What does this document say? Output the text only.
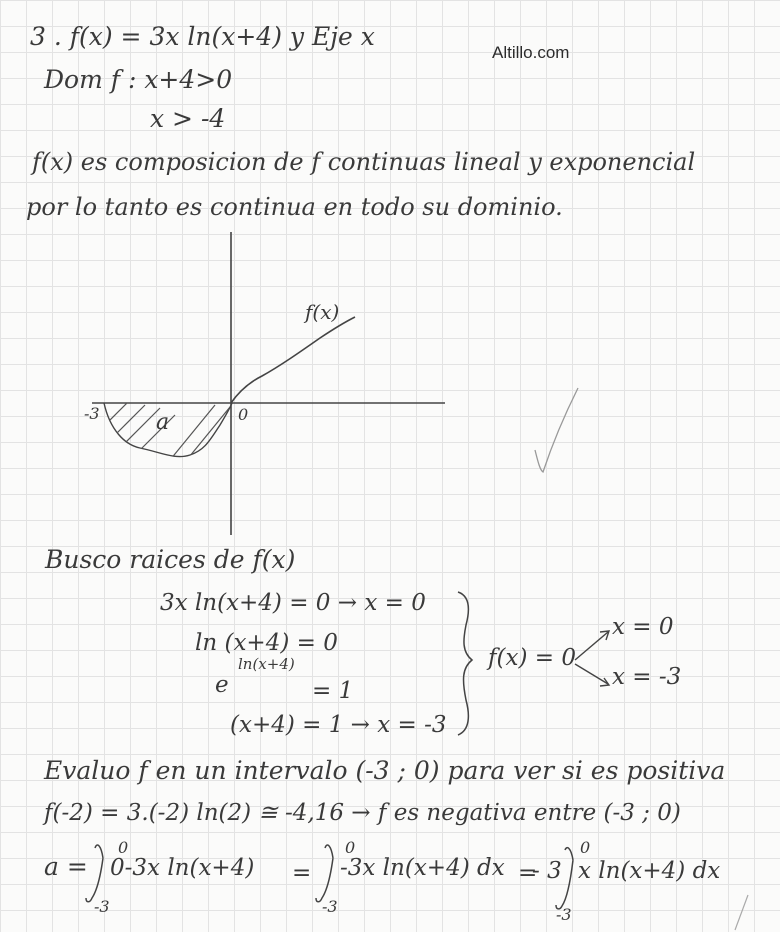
Altillo.com
3 . f(x) = 3x ln(x+4) y Eje x
Dom f : x+4>0
x > -4
f(x) es composicion de f continuas lineal y exponencial
por lo tanto es continua en todo su dominio.
f(x)
a	0
-3
Busco raices de f(x)
3x ln(x+4) = 0 → x = 0
ln (x+4) = 0
e
ln(x+4)
= 1
(x+4) = 1 → x = -3
f(x) = 0
x = 0
x = -3
Evaluo f en un intervalo (-3 ; 0) para ver si es positiva
f(-2) = 3.(-2) ln(2) ≅ -4,16 → f es negativa entre (-3 ; 0)
a =
0
-3
0-3x ln(x+4) =
0
-3
-3x ln(x+4) dx =
- 3
0
-3
x ln(x+4) dx
